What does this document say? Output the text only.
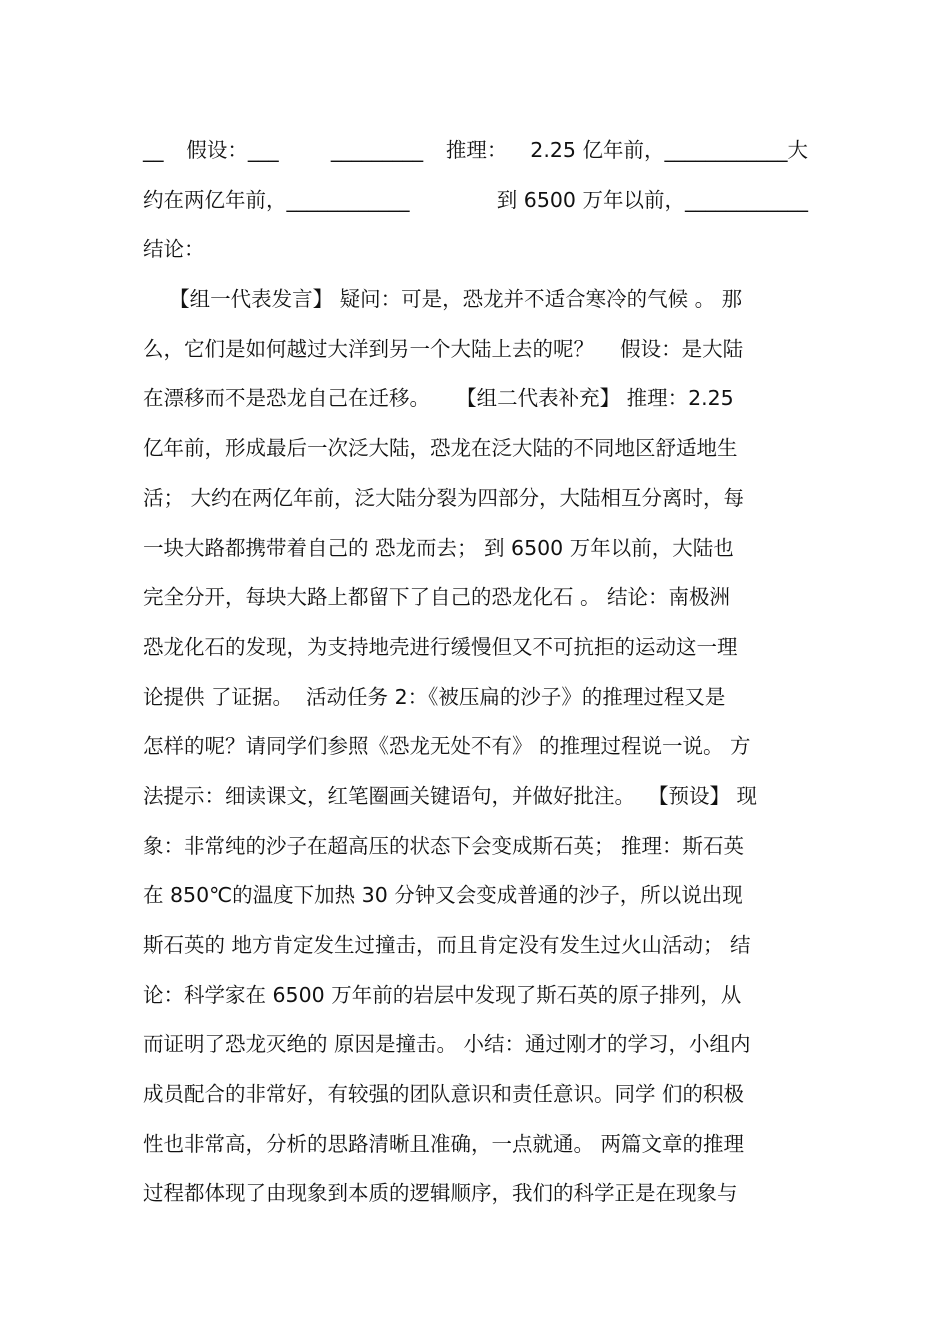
__ 假设：___
	_________ 推理： 2.25 亿年前，____________大
约在两亿年前，____________	到 6500 万年以前，____________
结论：
【组一代表发言】 疑问：可是，恐龙并不适合寒冷的气候 。 那
么，它们是如何越过大洋到另一个大陆上去的呢？    假设：是大陆
在漂移而不是恐龙自己在迁移。    【组二代表补充】 推理：2.25
亿年前，形成最后一次泛大陆，恐龙在泛大陆的不同地区舒适地生
活； 大约在两亿年前，泛大陆分裂为四部分，大陆相互分离时，每
一块大路都携带着自己的 恐龙而去； 到 6500 万年以前，大陆也
完全分开，每块大路上都留下了自己的恐龙化石 。 结论：南极洲
恐龙化石的发现，为支持地壳进行缓慢但又不可抗拒的运动这一理
论提供 了证据。  活动任务 2：《被压扁的沙子》的推理过程又是
怎样的呢？请同学们参照《恐龙无处不有》 的推理过程说一说。 方
法提示：细读课文，红笔圈画关键语句，并做好批注。  【预设】 现
象：非常纯的沙子在超高压的状态下会变成斯石英； 推理：斯石英
在 850℃的温度下加热 30 分钟又会变成普通的沙子，所以说出现
斯石英的 地方肯定发生过撞击，而且肯定没有发生过火山活动； 结
论：科学家在 6500 万年前的岩层中发现了斯石英的原子排列，从
而证明了恐龙灭绝的 原因是撞击。 小结：通过刚才的学习，小组内
成员配合的非常好，有较强的团队意识和责任意识。同学 们的积极
性也非常高，分析的思路清晰且准确，一点就通。 两篇文章的推理
过程都体现了由现象到本质的逻辑顺序，我们的科学正是在现象与
